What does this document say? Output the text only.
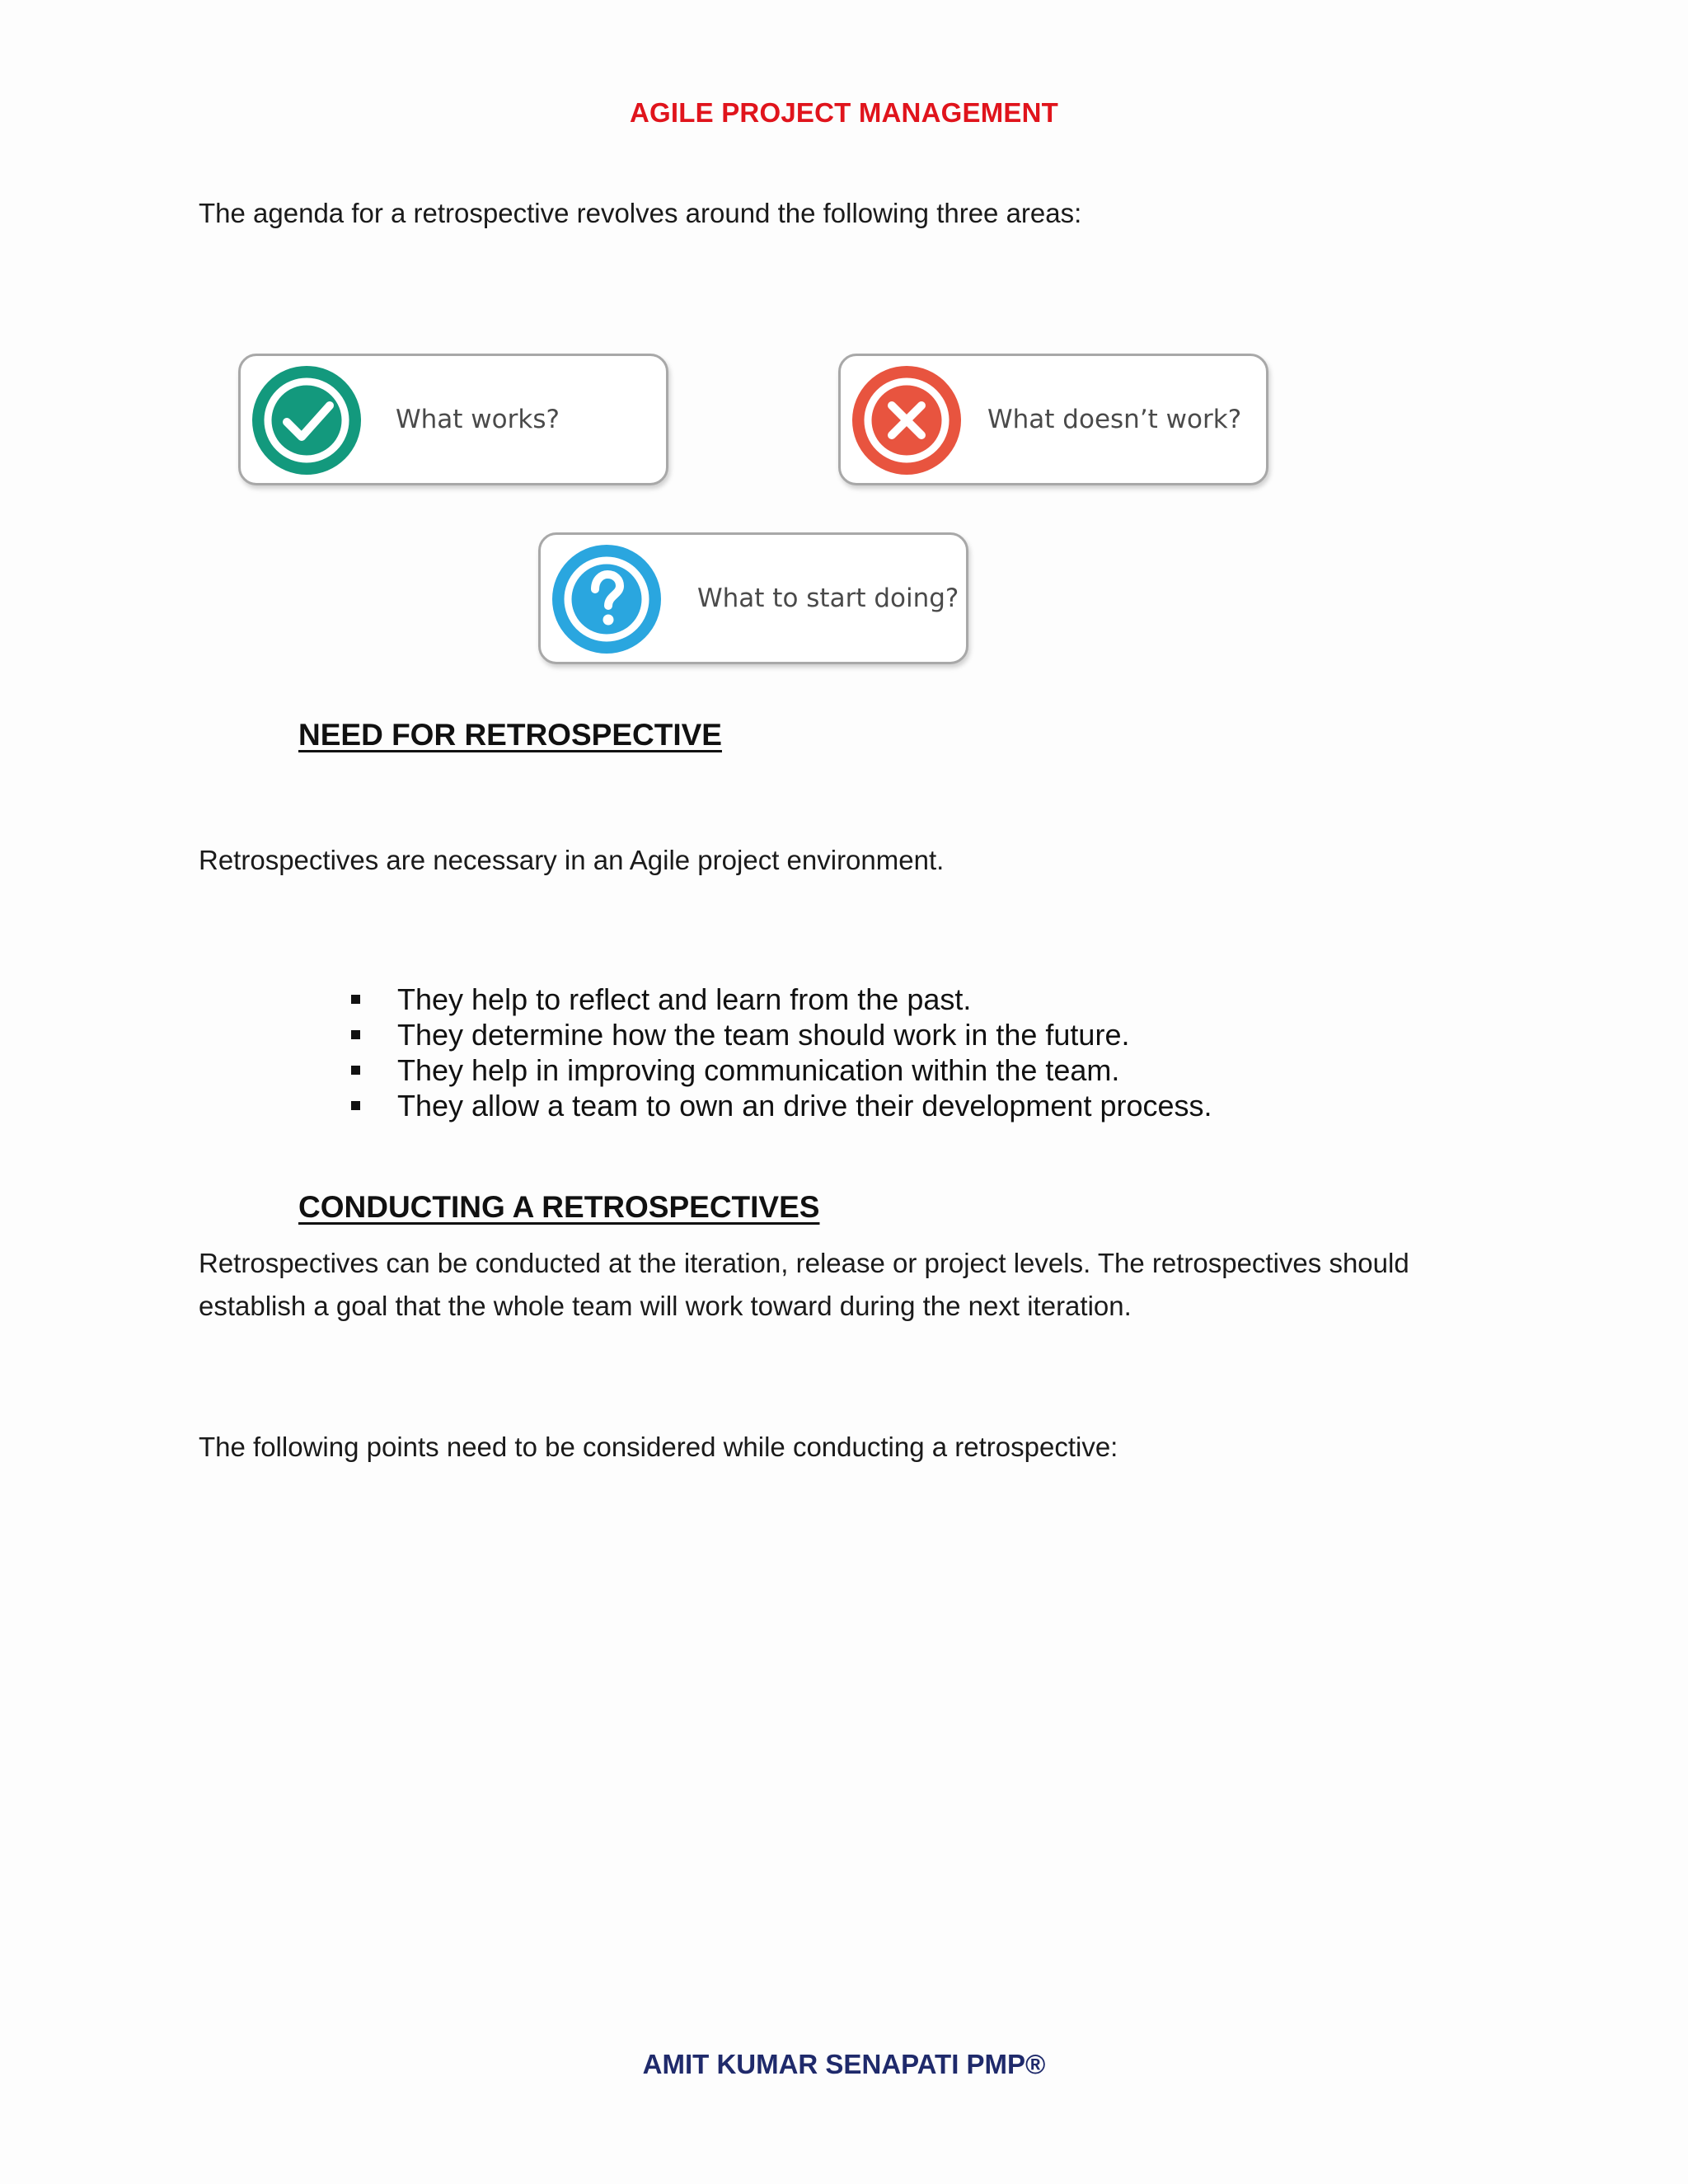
AGILE PROJECT MANAGEMENT
The agenda for a retrospective revolves around the following three areas:
What works?	What doesn’t work?
What to start doing?
NEED FOR RETROSPECTIVE
Retrospectives are necessary in an Agile project environment.
They help to reflect and learn from the past.
They determine how the team should work in the future.
They help in improving communication within the team.
They allow a team to own an drive their development process.
CONDUCTING A RETROSPECTIVES
Retrospectives can be conducted at the iteration, release or project levels. The retrospectives should establish a goal that the whole team will work toward during the next iteration.
The following points need to be considered while conducting a retrospective:
AMIT KUMAR SENAPATI PMP®
